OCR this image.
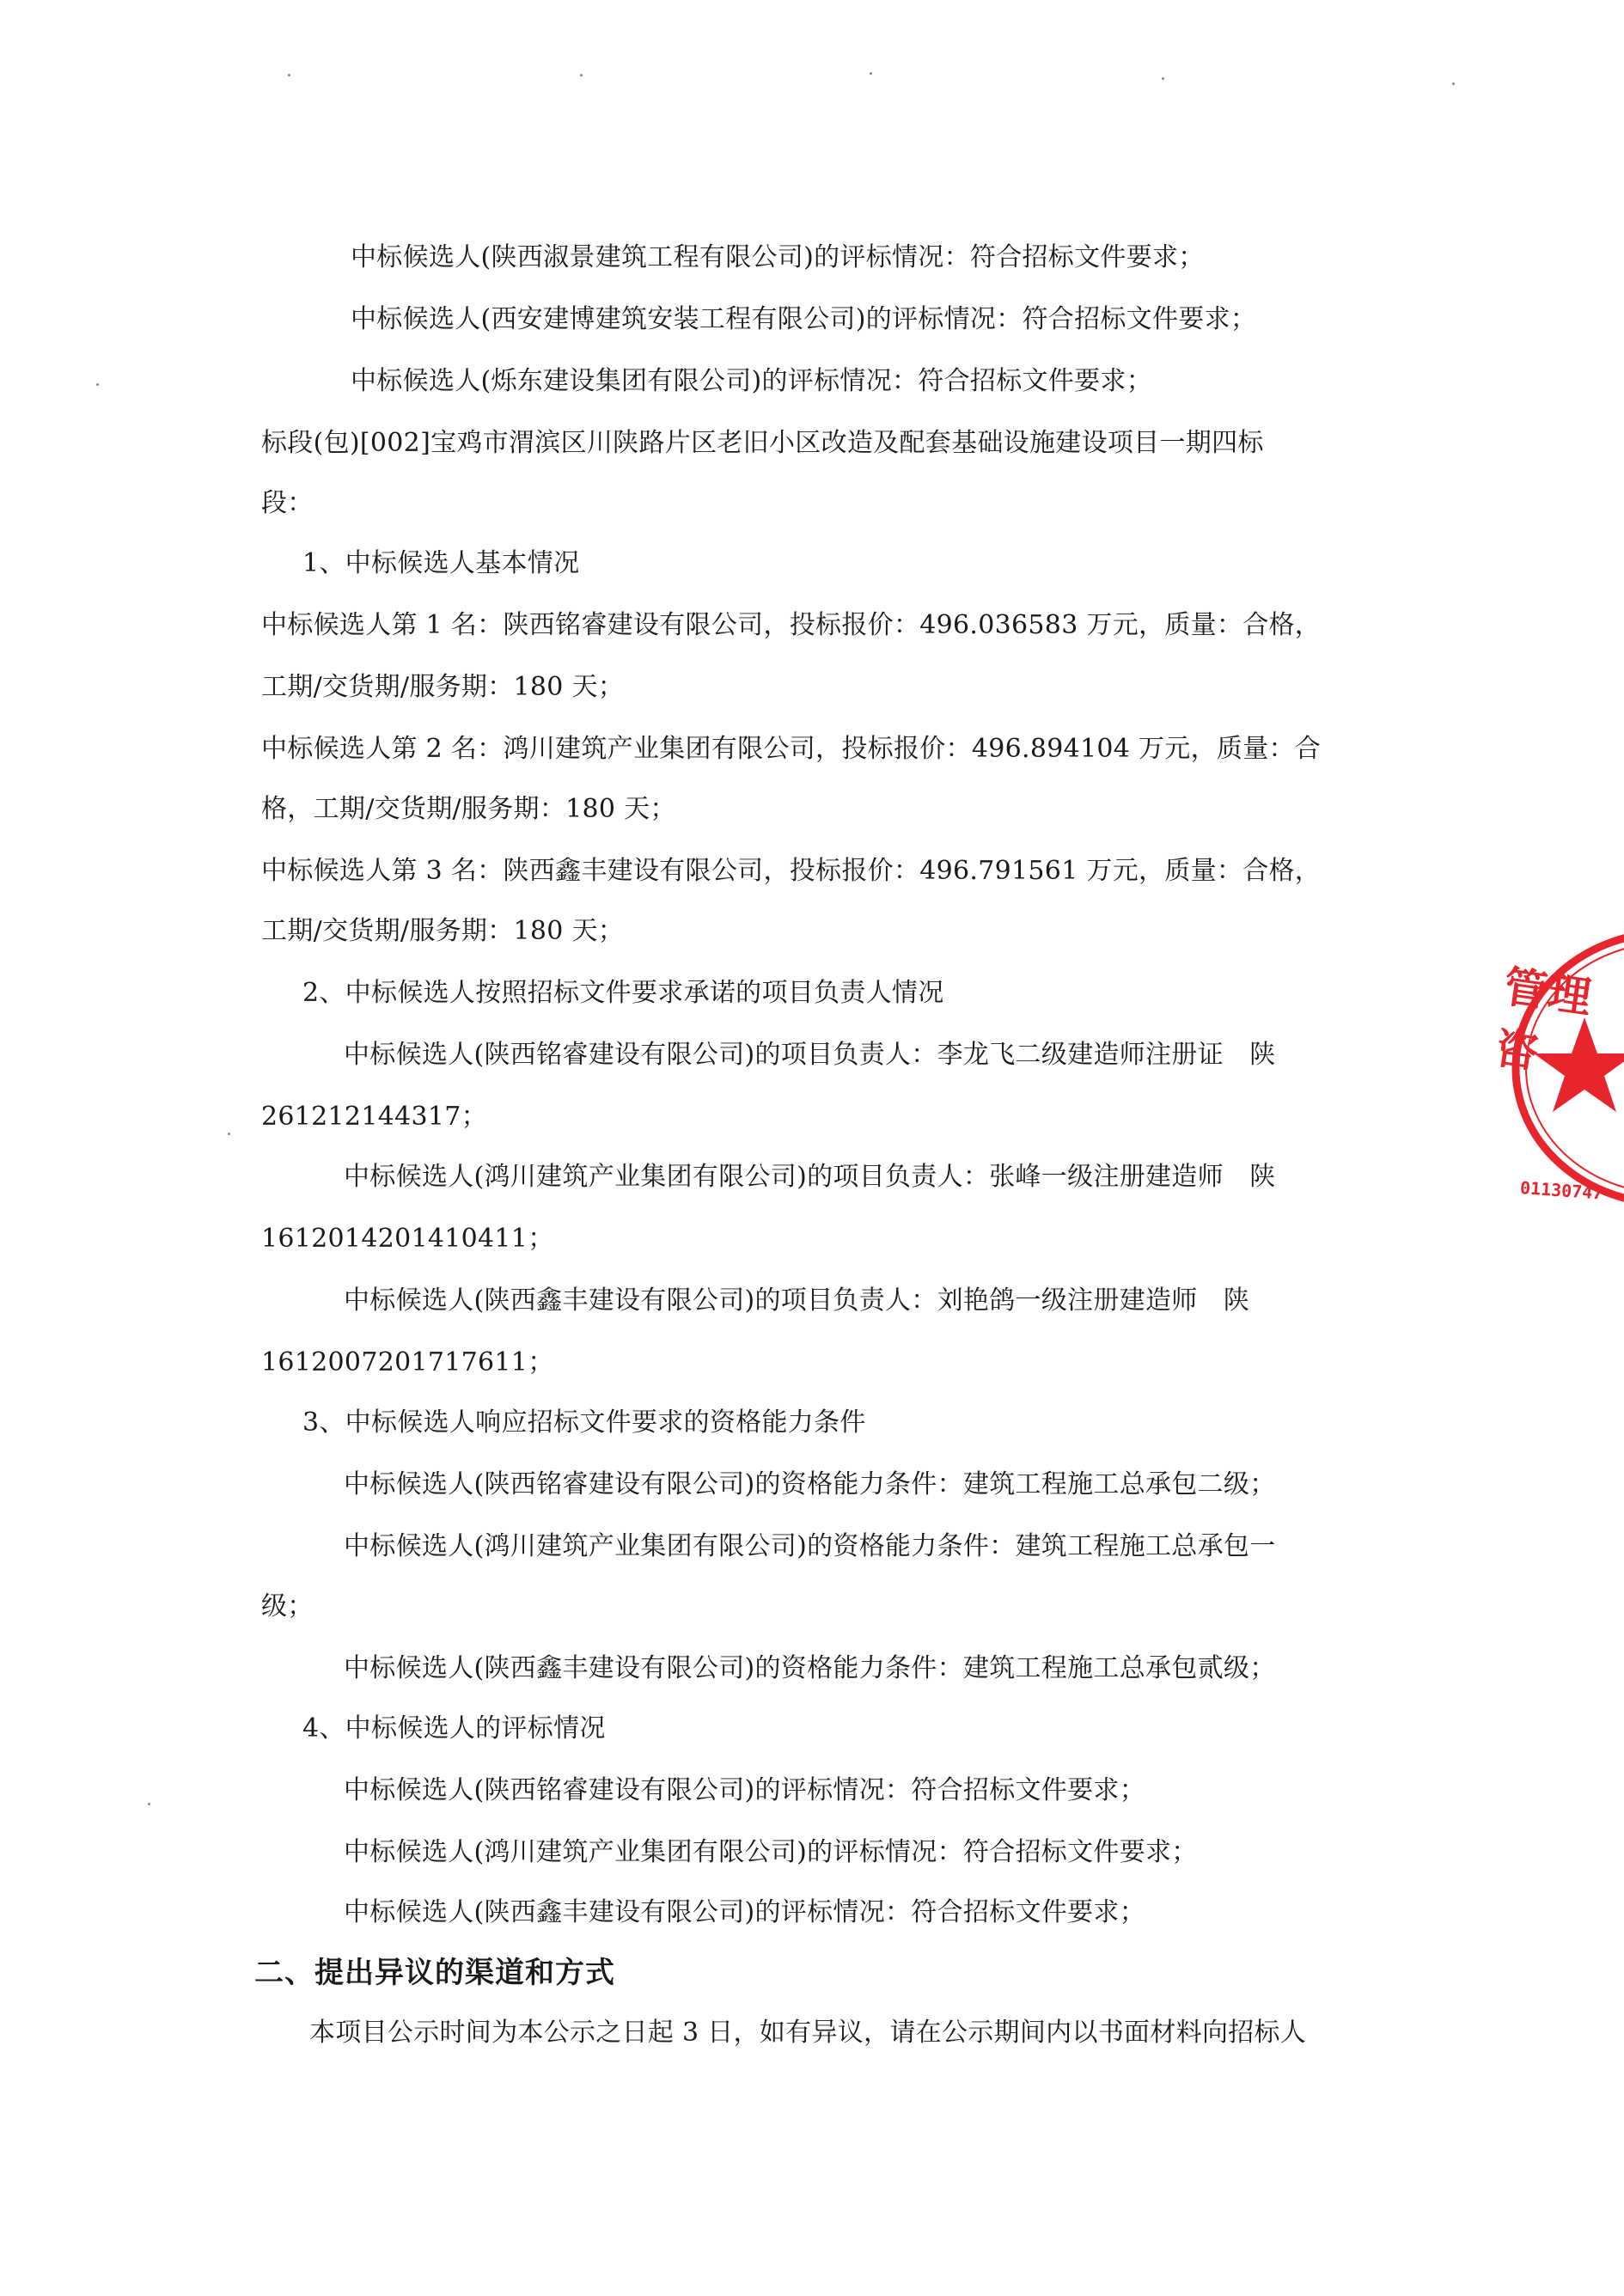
中标候选人(陕西淑景建筑工程有限公司)的评标情况：符合招标文件要求；
中标候选人(西安建博建筑安装工程有限公司)的评标情况：符合招标文件要求；
中标候选人(烁东建设集团有限公司)的评标情况：符合招标文件要求；
标段(包)[002]宝鸡市渭滨区川陕路片区老旧小区改造及配套基础设施建设项目一期四标
段：
1、中标候选人基本情况
中标候选人第 1 名：陕西铭睿建设有限公司，投标报价：496.036583 万元，质量：合格，
工期/交货期/服务期：180 天；
中标候选人第 2 名：鸿川建筑产业集团有限公司，投标报价：496.894104 万元，质量：合
格，工期/交货期/服务期：180 天；
中标候选人第 3 名：陕西鑫丰建设有限公司，投标报价：496.791561 万元，质量：合格，
工期/交货期/服务期：180 天；
2、中标候选人按照招标文件要求承诺的项目负责人情况
中标候选人(陕西铭睿建设有限公司)的项目负责人：李龙飞二级建造师注册证　陕
261212144317；
中标候选人(鸿川建筑产业集团有限公司)的项目负责人：张峰一级注册建造师　陕
1612014201410411；
中标候选人(陕西鑫丰建设有限公司)的项目负责人：刘艳鸽一级注册建造师　陕
1612007201717611；
3、中标候选人响应招标文件要求的资格能力条件
中标候选人(陕西铭睿建设有限公司)的资格能力条件：建筑工程施工总承包二级；
中标候选人(鸿川建筑产业集团有限公司)的资格能力条件：建筑工程施工总承包一
级；
中标候选人(陕西鑫丰建设有限公司)的资格能力条件：建筑工程施工总承包贰级；
4、中标候选人的评标情况
中标候选人(陕西铭睿建设有限公司)的评标情况：符合招标文件要求；
中标候选人(鸿川建筑产业集团有限公司)的评标情况：符合招标文件要求；
中标候选人(陕西鑫丰建设有限公司)的评标情况：符合招标文件要求；
二、提出异议的渠道和方式
本项目公示时间为本公示之日起 3 日，如有异议，请在公示期间内以书面材料向招标人
管理咨
01130747
